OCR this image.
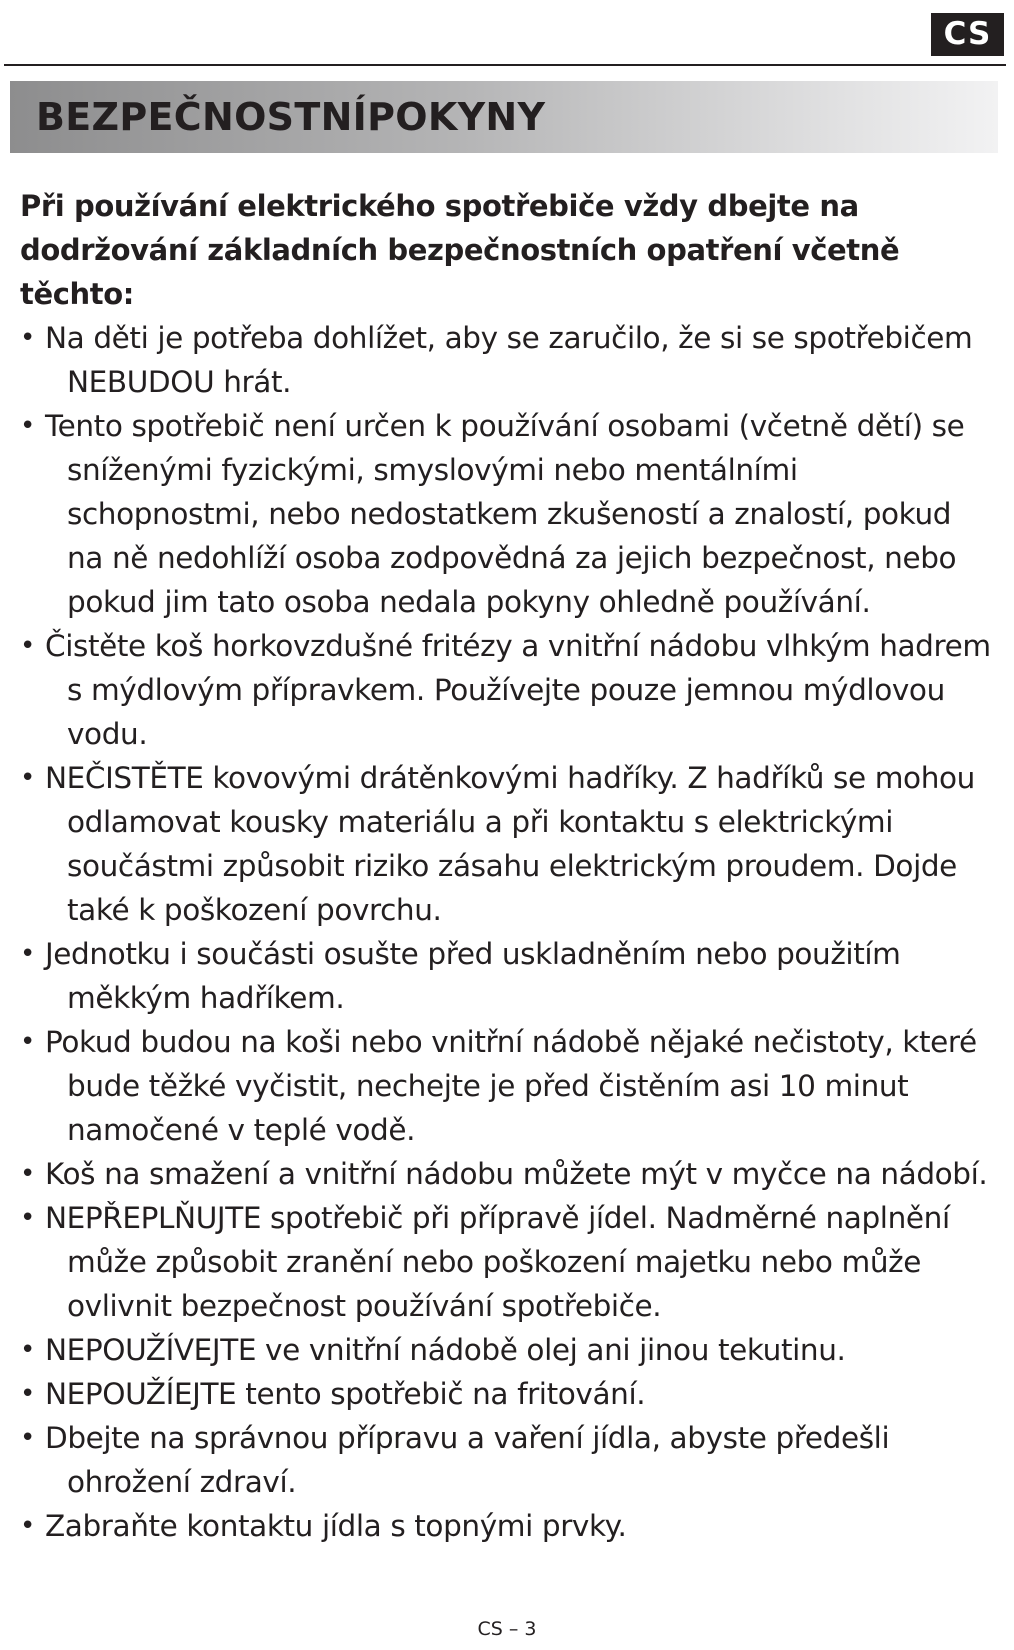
CS
BEZPEČNOSTNÍPOKYNY

Při používání elektrického spotřebiče vždy dbejte na dodržování základních bezpečnostních opatření včetně těchto:

• Na děti je potřeba dohlížet, aby se zaručilo, že si se spotřebičem NEBUDOU hrát.
• Tento spotřebič není určen k používání osobami (včetně dětí) se sníženými fyzickými, smyslovými nebo mentálními schopnostmi, nebo nedostatkem zkušeností a znalostí, pokud na ně nedohlíží osoba zodpovědná za jejich bezpečnost, nebo pokud jim tato osoba nedala pokyny ohledně používání.
• Čistěte koš horkovzdušné fritézy a vnitřní nádobu vlhkým hadrem s mýdlovým přípravkem. Používejte pouze jemnou mýdlovou vodu.
• NEČISTĚTE kovovými drátěnkovými hadříky. Z hadříků se mohou odlamovat kousky materiálu a při kontaktu s elektrickými součástmi způsobit riziko zásahu elektrickým proudem. Dojde také k poškození povrchu.
• Jednotku i součásti osušte před uskladněním nebo použitím měkkým hadříkem.
• Pokud budou na koši nebo vnitřní nádobě nějaké nečistoty, které bude těžké vyčistit, nechejte je před čistěním asi 10 minut namočené v teplé vodě.
• Koš na smažení a vnitřní nádobu můžete mýt v myčce na nádobí.
• NEPŘEPLŇUJTE spotřebič při přípravě jídel. Nadměrné naplnění může způsobit zranění nebo poškození majetku nebo může ovlivnit bezpečnost používání spotřebiče.
• NEPOUŽÍVEJTE ve vnitřní nádobě olej ani jinou tekutinu.
• NEPOUŽÍEJTE tento spotřebič na fritování.
• Dbejte na správnou přípravu a vaření jídla, abyste předešli ohrožení zdraví.
• Zabraňte kontaktu jídla s topnými prvky.
CS – 3
